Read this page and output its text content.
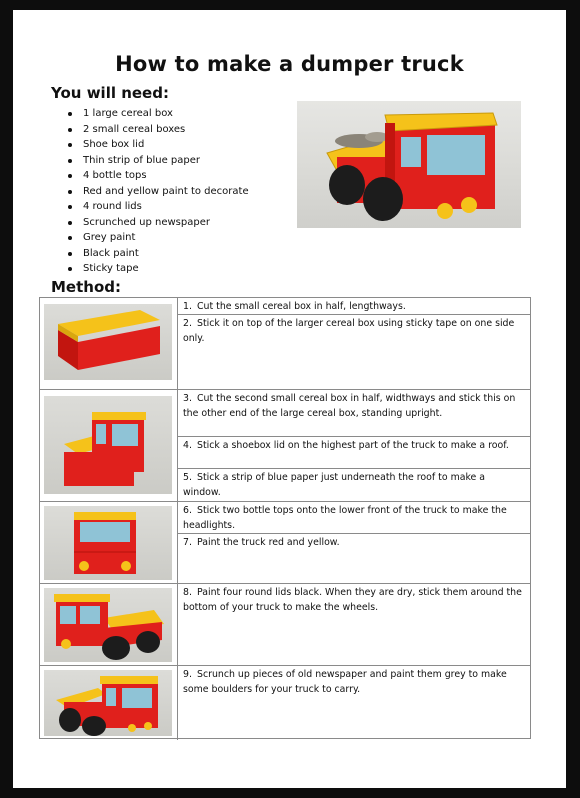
How to make a dumper truck
You will need:
1 large cereal box
2 small cereal boxes
Shoe box lid
Thin strip of blue paper
4 bottle tops
Red and yellow paint to decorate
4 round lids
Scrunched up newspaper
Grey paint
Black paint
Sticky tape
Method:
1. Cut the small cereal box in half, lengthways.
2. Stick it on top of the larger cereal box using sticky tape on one side only.
3. Cut the second small cereal box in half, widthways and stick this on the other end of the large cereal box, standing upright.
4. Stick a shoebox lid on the highest part of the truck to make a roof.
5. Stick a strip of blue paper just underneath the roof to make a window.
6. Stick two bottle tops onto the lower front of the truck to make the headlights.
7. Paint the truck red and yellow.
8. Paint four round lids black. When they are dry, stick them around the bottom of your truck to make the wheels.
9. Scrunch up pieces of old newspaper and paint them grey to make some boulders for your truck to carry.
